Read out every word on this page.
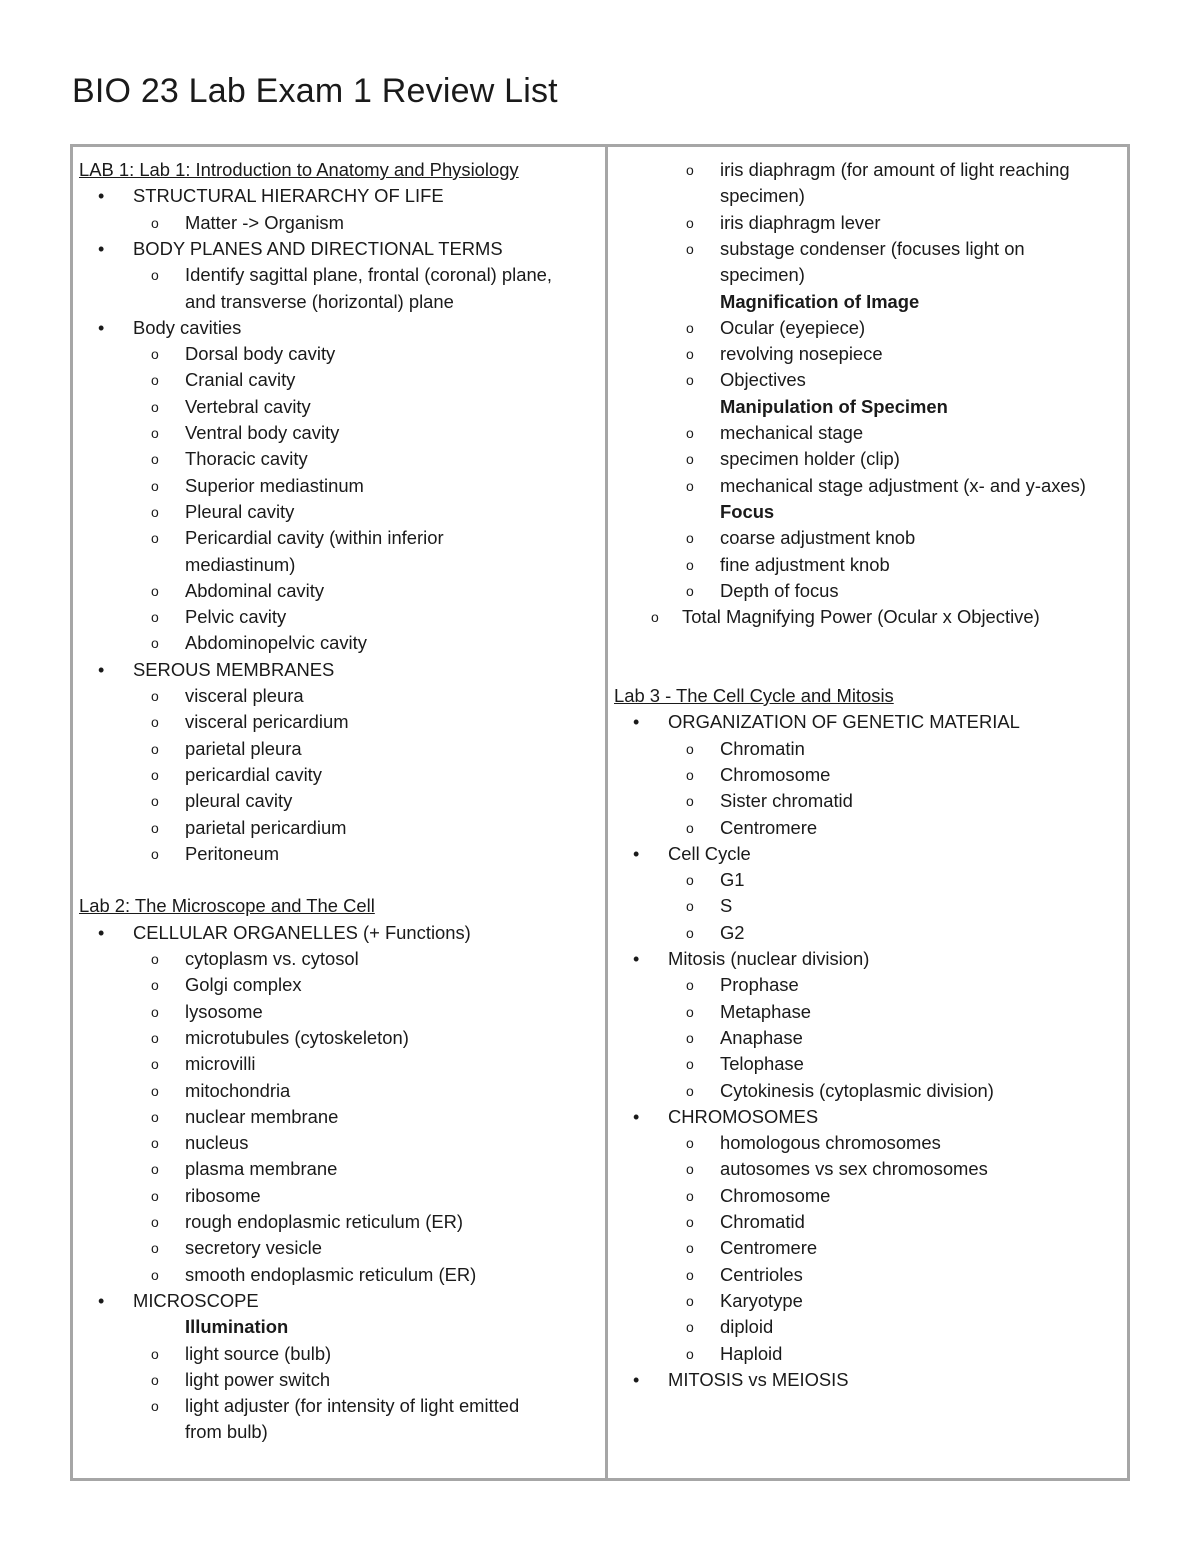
BIO 23 Lab Exam 1 Review List
LAB 1: Lab 1: Introduction to Anatomy and Physiology
• STRUCTURAL HIERARCHY OF LIFE
o Matter -> Organism
• BODY PLANES AND DIRECTIONAL TERMS
o Identify sagittal plane, frontal (coronal) plane,
and transverse (horizontal) plane
• Body cavities
o Dorsal body cavity
o Cranial cavity
o Vertebral cavity
o Ventral body cavity
o Thoracic cavity
o Superior mediastinum
o Pleural cavity
o Pericardial cavity (within inferior
mediastinum)
o Abdominal cavity
o Pelvic cavity
o Abdominopelvic cavity
• SEROUS MEMBRANES
o visceral pleura
o visceral pericardium
o parietal pleura
o pericardial cavity
o pleural cavity
o parietal pericardium
o Peritoneum
Lab 2: The Microscope and The Cell
• CELLULAR ORGANELLES (+ Functions)
o cytoplasm vs. cytosol
o Golgi complex
o lysosome
o microtubules (cytoskeleton)
o microvilli
o mitochondria
o nuclear membrane
o nucleus
o plasma membrane
o ribosome
o rough endoplasmic reticulum (ER)
o secretory vesicle
o smooth endoplasmic reticulum (ER)
• MICROSCOPE
Illumination
o light source (bulb)
o light power switch
o light adjuster (for intensity of light emitted
from bulb)
o iris diaphragm (for amount of light reaching
specimen)
o iris diaphragm lever
o substage condenser (focuses light on
specimen)
Magnification of Image
o Ocular (eyepiece)
o revolving nosepiece
o Objectives
Manipulation of Specimen
o mechanical stage
o specimen holder (clip)
o mechanical stage adjustment (x- and y-axes)
Focus
o coarse adjustment knob
o fine adjustment knob
o Depth of focus
o Total Magnifying Power (Ocular x Objective)
Lab 3 - The Cell Cycle and Mitosis
• ORGANIZATION OF GENETIC MATERIAL
o Chromatin
o Chromosome
o Sister chromatid
o Centromere
• Cell Cycle
o G1
o S
o G2
• Mitosis (nuclear division)
o Prophase
o Metaphase
o Anaphase
o Telophase
o Cytokinesis (cytoplasmic division)
• CHROMOSOMES
o homologous chromosomes
o autosomes vs sex chromosomes
o Chromosome
o Chromatid
o Centromere
o Centrioles
o Karyotype
o diploid
o Haploid
• MITOSIS vs MEIOSIS
